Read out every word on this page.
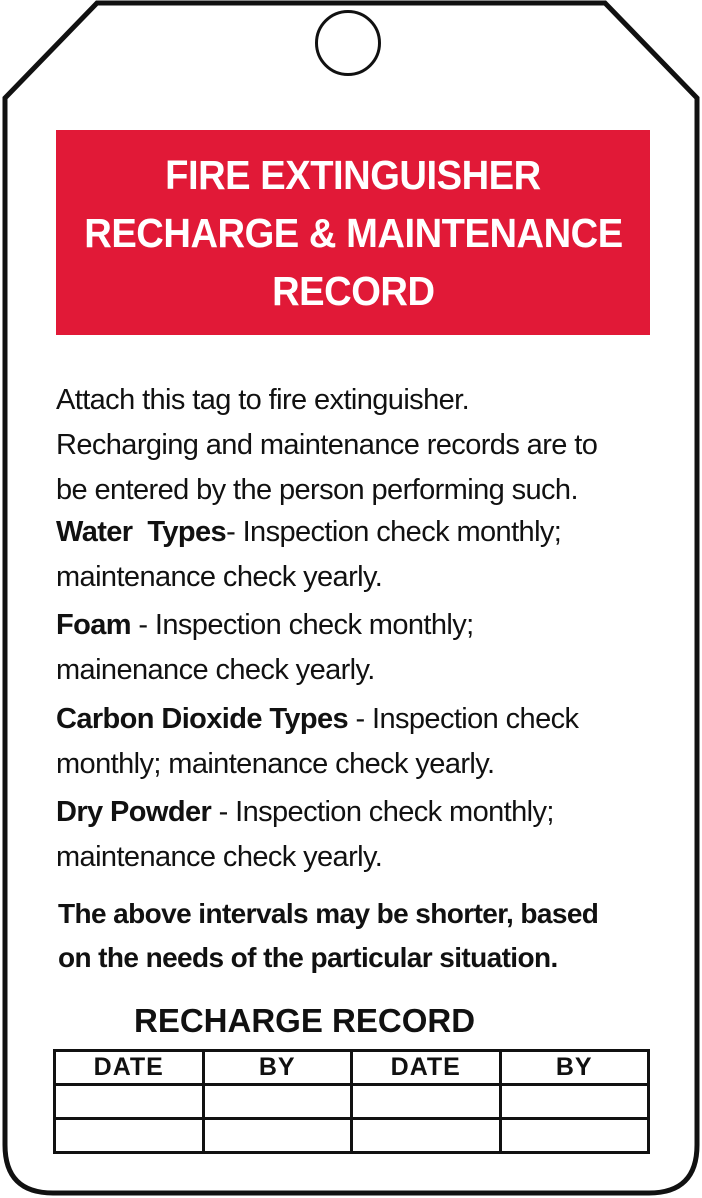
FIRE EXTINGUISHER
RECHARGE & MAINTENANCE
RECORD
Attach this tag to fire extinguisher.
Recharging and maintenance records are to
be entered by the person performing such.
Water  Types- Inspection check monthly;
maintenance check yearly.
Foam - Inspection check monthly;
mainenance check yearly.
Carbon Dioxide Types - Inspection check
monthly; maintenance check yearly.
Dry Powder - Inspection check monthly;
maintenance check yearly.
The above intervals may be shorter, based
on the needs of the particular situation.
RECHARGE RECORD
DATE	BY	DATE	BY
